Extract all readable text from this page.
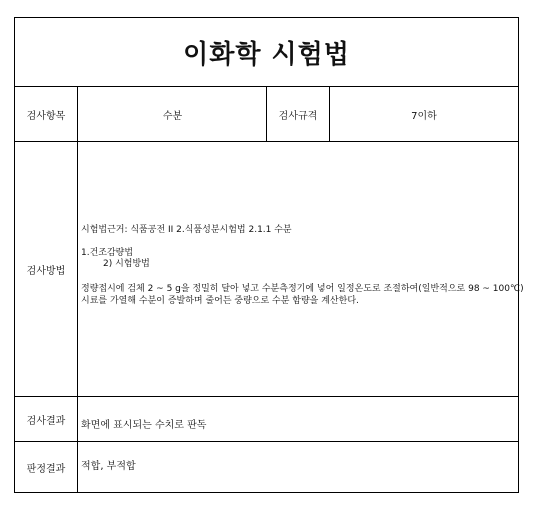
이화학 시험법
검사항목	수분	검사규격	7이하
검사방법
시험법근거: 식품공전 II 2.식품성분시험법 2.1.1 수분
1.건조감량법
2) 시험방법
정량접시에 검체 2 ~ 5 g을 정밀히 달아 넣고 수분측정기에 넣어 일정온도로 조절하여(일반적으로 98 ~ 100℃)
시료를 가열해 수분이 증발하며 줄어든 중량으로 수분 함량을 계산한다.
검사결과	화면에 표시되는 수치로 판독
판정결과	적합, 부적합
